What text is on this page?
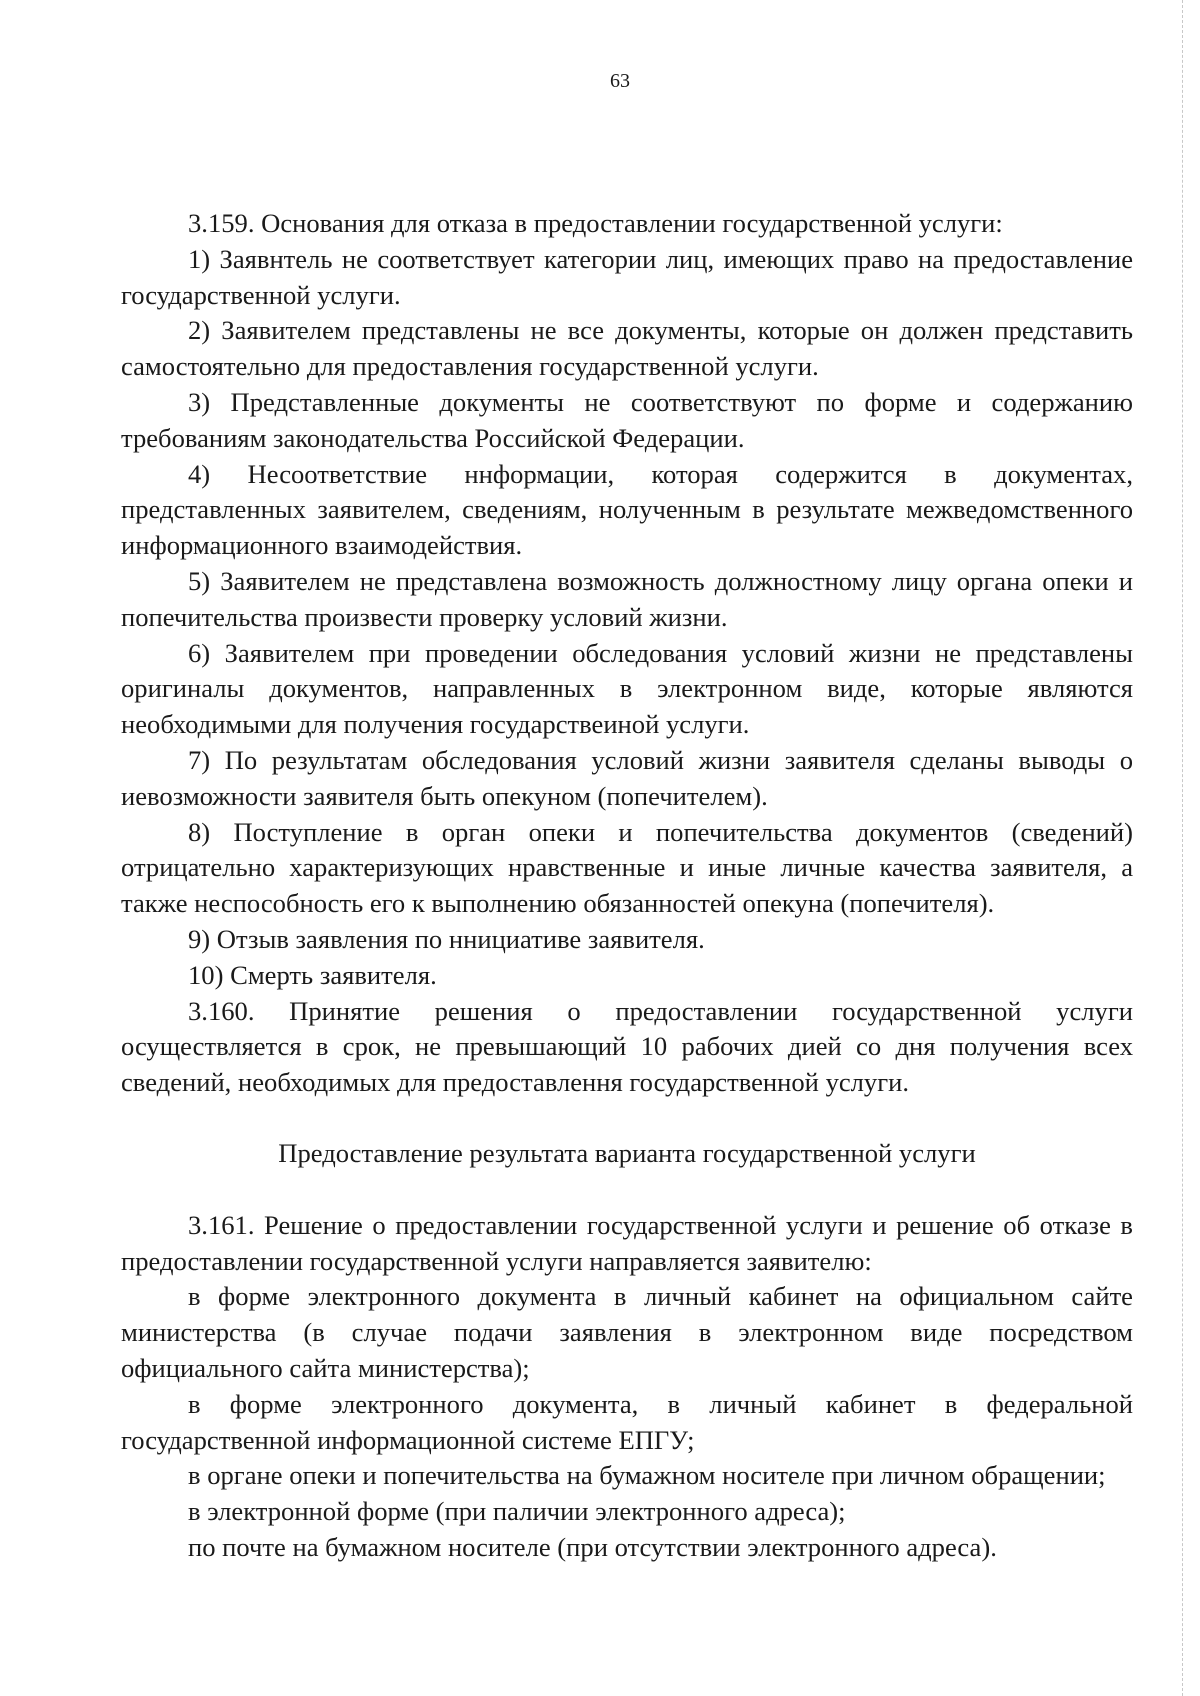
63

3.159. Основания для отказа в предоставлении государственной услуги:

1) Заявнтель не соответствует категории лиц, имеющих право на предоставление государственной услуги.

2) Заявителем представлены не все документы, которые он должен представить самостоятельно для предоставления государственной услуги.

3) Представленные документы не соответствуют по форме и содержанию требованиям законодательства Российской Федерации.

4) Несоответствие ннформации, которая содержится в документах, представленных заявителем, сведениям, нолученным в результате межведомственного информационного взаимодействия.

5) Заявителем не представлена возможность должностному лицу органа опеки и попечительства произвести проверку условий жизни.

6) Заявителем при проведении обследования условий жизни не представлены оригиналы документов, направленных в электронном виде, которые являются необходимыми для получения государствеиной услуги.

7) По результатам обследования условий жизни заявителя сделаны выводы о иевозможности заявителя быть опекуном (попечителем).

8) Поступление в орган опеки и попечительства документов (сведений) отрицательно характеризующих нравственные и иные личные качества заявителя, а также неспособность его к выполнению обязанностей опекуна (попечителя).

9) Отзыв заявления по ннициативе заявителя.

10) Смерть заявителя.

3.160. Пpинятие решения о предоставлении государственной услуги осуществляется в срок, не превышающий 10 рабочих дией со дня получения всех сведений, необходимых для предоставлення государственной услуги.

Предоставление результата варианта государственной услуги

3.161. Решение о предоставлении государственной услуги и решение об отказе в предоставлении государственной услуги направляется заявителю:

в форме электронного документа в личный кабинет на официальном сайте министерства (в случае подачи заявления в электронном виде посредством официального сайта министерства);

в форме электронного документа, в личный кабинет в федеральной государственной информационной системе ЕПГУ;

в органе опеки и попечительства на бумажном носителе при личном обращении;

в электронной форме (при паличии электронного адреса);

по почте на бумажном носителе (при отсутствии электронного адреса).
